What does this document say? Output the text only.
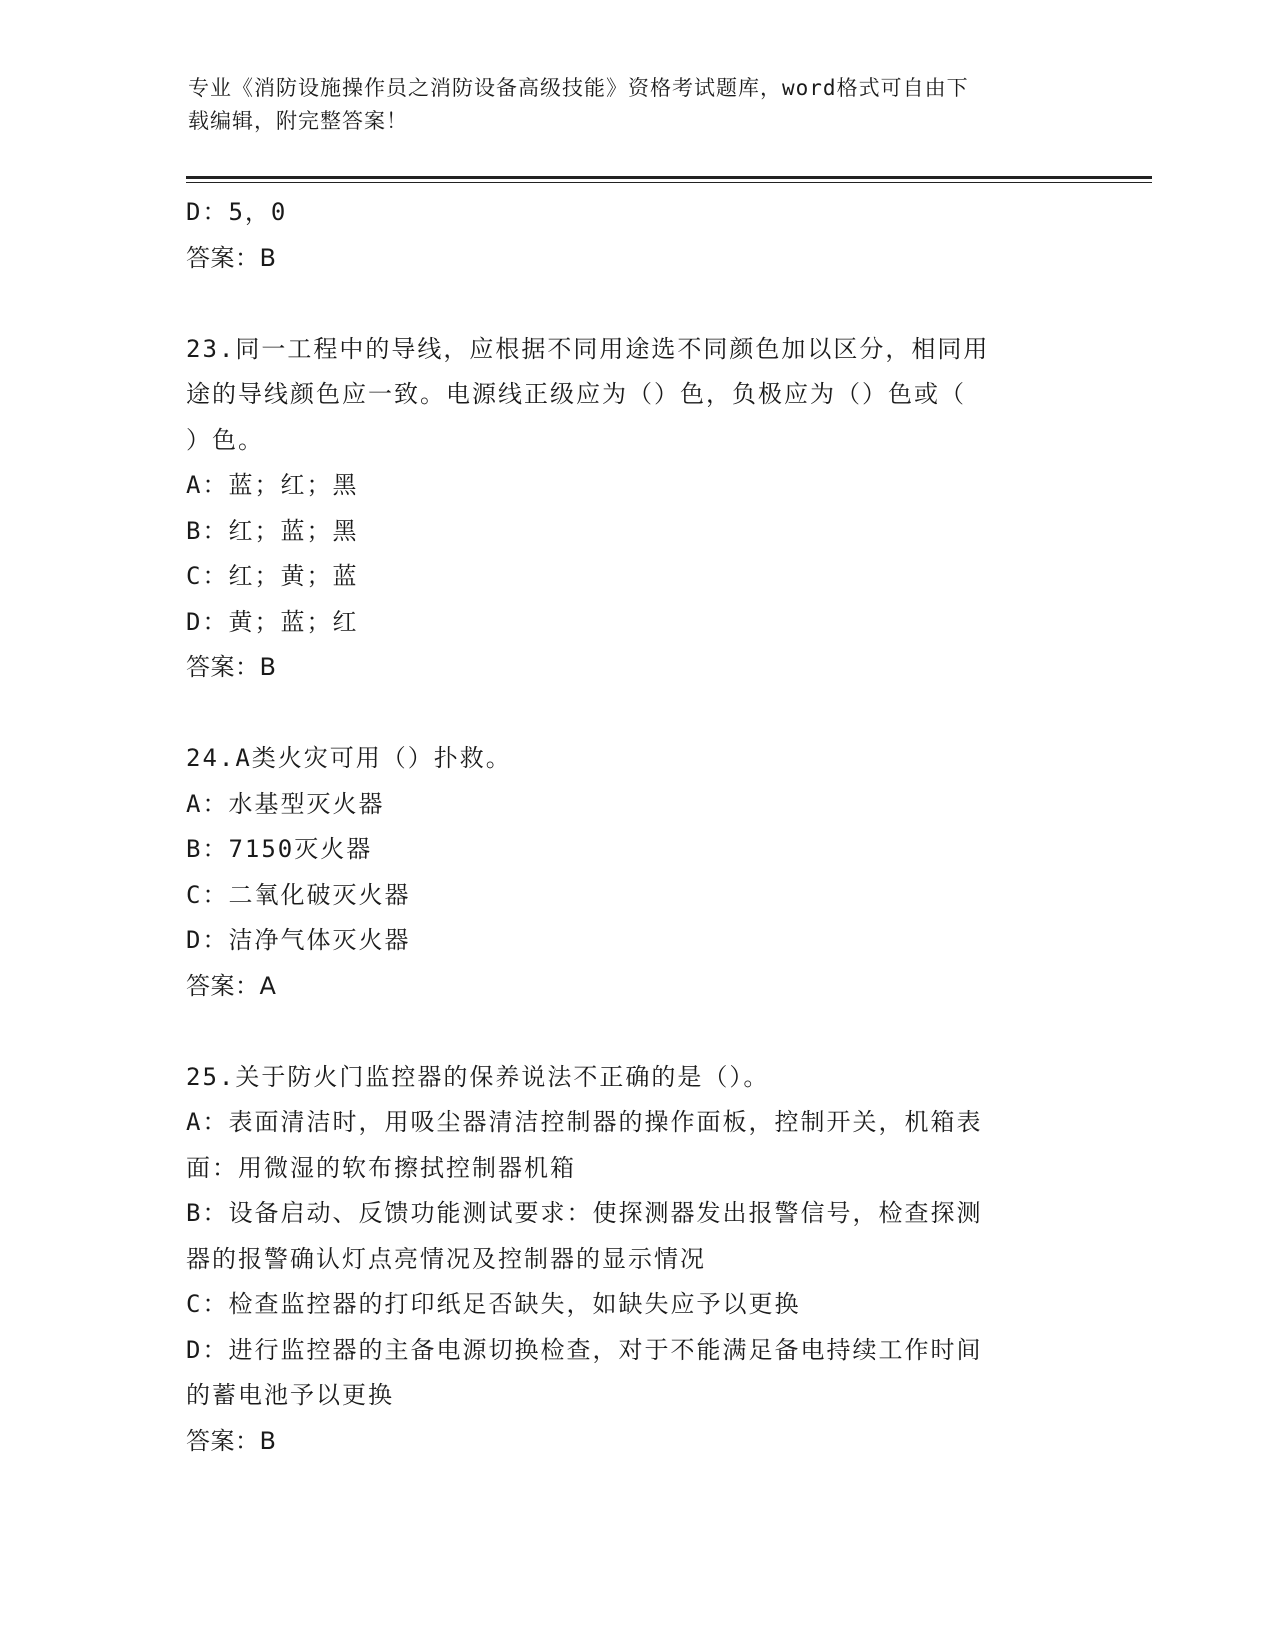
专业《消防设施操作员之消防设备高级技能》资格考试题库，word格式可自由下
载编辑，附完整答案！
D：5，0
答案：B
23.同一工程中的导线，应根据不同用途选不同颜色加以区分，相同用
途的导线颜色应一致。电源线正级应为（）色，负极应为（）色或（
）色。
A：蓝；红；黑
B：红；蓝；黑
C：红；黄；蓝
D：黄；蓝；红
答案：B
24.A类火灾可用（）扑救。
A：水基型灭火器
B：7150灭火器
C：二氧化破灭火器
D：洁净气体灭火器
答案：A
25.关于防火门监控器的保养说法不正确的是（）。
A：表面清洁时，用吸尘器清洁控制器的操作面板，控制开关，机箱表
面：用微湿的软布擦拭控制器机箱
B：设备启动、反馈功能测试要求：使探测器发出报警信号，检查探测
器的报警确认灯点亮情况及控制器的显示情况
C：检查监控器的打印纸足否缺失，如缺失应予以更换
D：进行监控器的主备电源切换检查，对于不能满足备电持续工作时间
的蓄电池予以更换
答案：B
